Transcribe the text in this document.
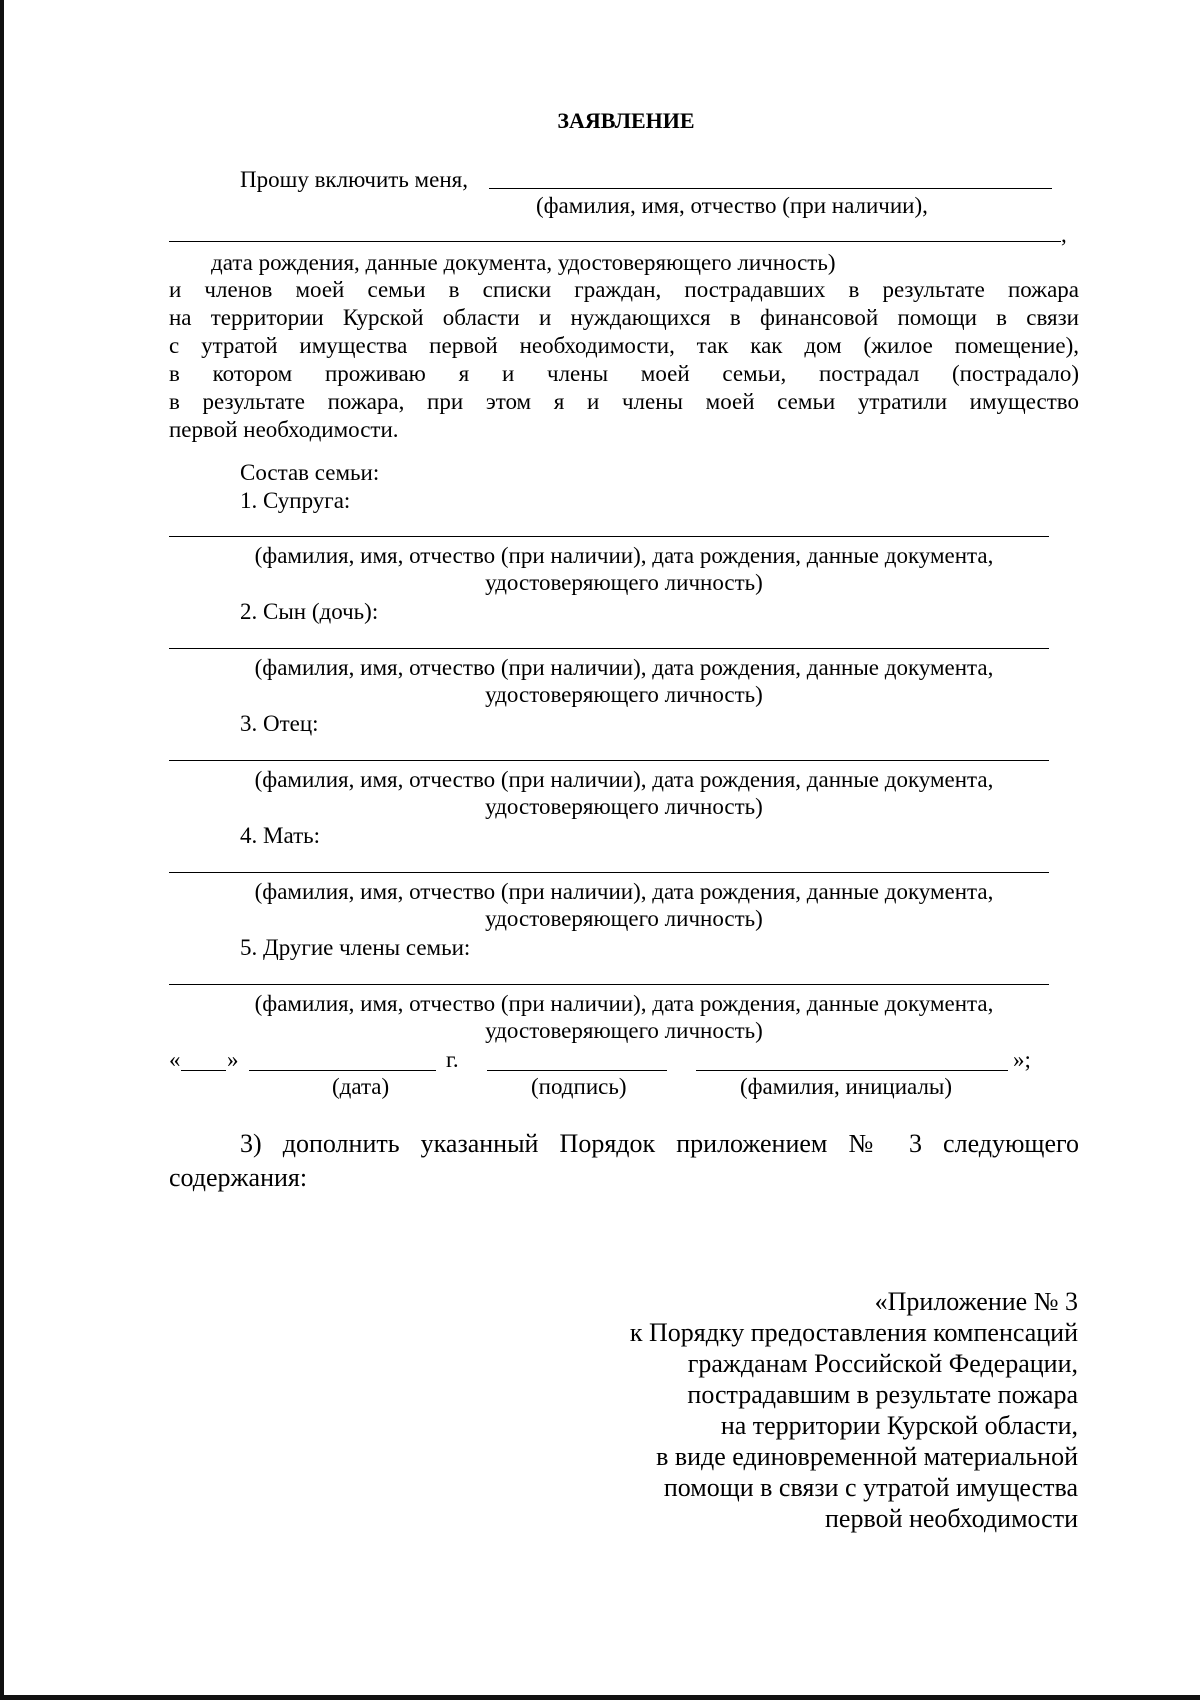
ЗАЯВЛЕНИЕ
Прошу включить меня,
(фамилия, имя, отчество (при наличии),
,
дата рождения, данные документа, удостоверяющего личность)
и членов моей семьи в списки граждан, пострадавших в результате пожара
на территории Курской области и нуждающихся в финансовой помощи в связи
с утратой имущества первой необходимости, так как дом (жилое помещение),
в котором проживаю я и члены моей семьи, пострадал (пострадало)
в результате пожара, при этом я и члены моей семьи утратили имущество
первой необходимости.
Состав семьи:
1. Супруга:
(фамилия, имя, отчество (при наличии), дата рождения, данные документа,
удостоверяющего личность)
2. Сын (дочь):
(фамилия, имя, отчество (при наличии), дата рождения, данные документа,
удостоверяющего личность)
3. Отец:
(фамилия, имя, отчество (при наличии), дата рождения, данные документа,
удостоверяющего личность)
4. Мать:
(фамилия, имя, отчество (при наличии), дата рождения, данные документа,
удостоверяющего личность)
5. Другие члены семьи:
(фамилия, имя, отчество (при наличии), дата рождения, данные документа,
удостоверяющего личность)
« »	г.	»;
(дата)	(подпись)	(фамилия, инициалы)
3) дополнить указанный Порядок приложением № 3 следующего
содержания:
«Приложение № 3
к Порядку предоставления компенсаций
гражданам Российской Федерации,
пострадавшим в результате пожара
на территории Курской области,
в виде единовременной материальной
помощи в связи с утратой имущества
первой необходимости
